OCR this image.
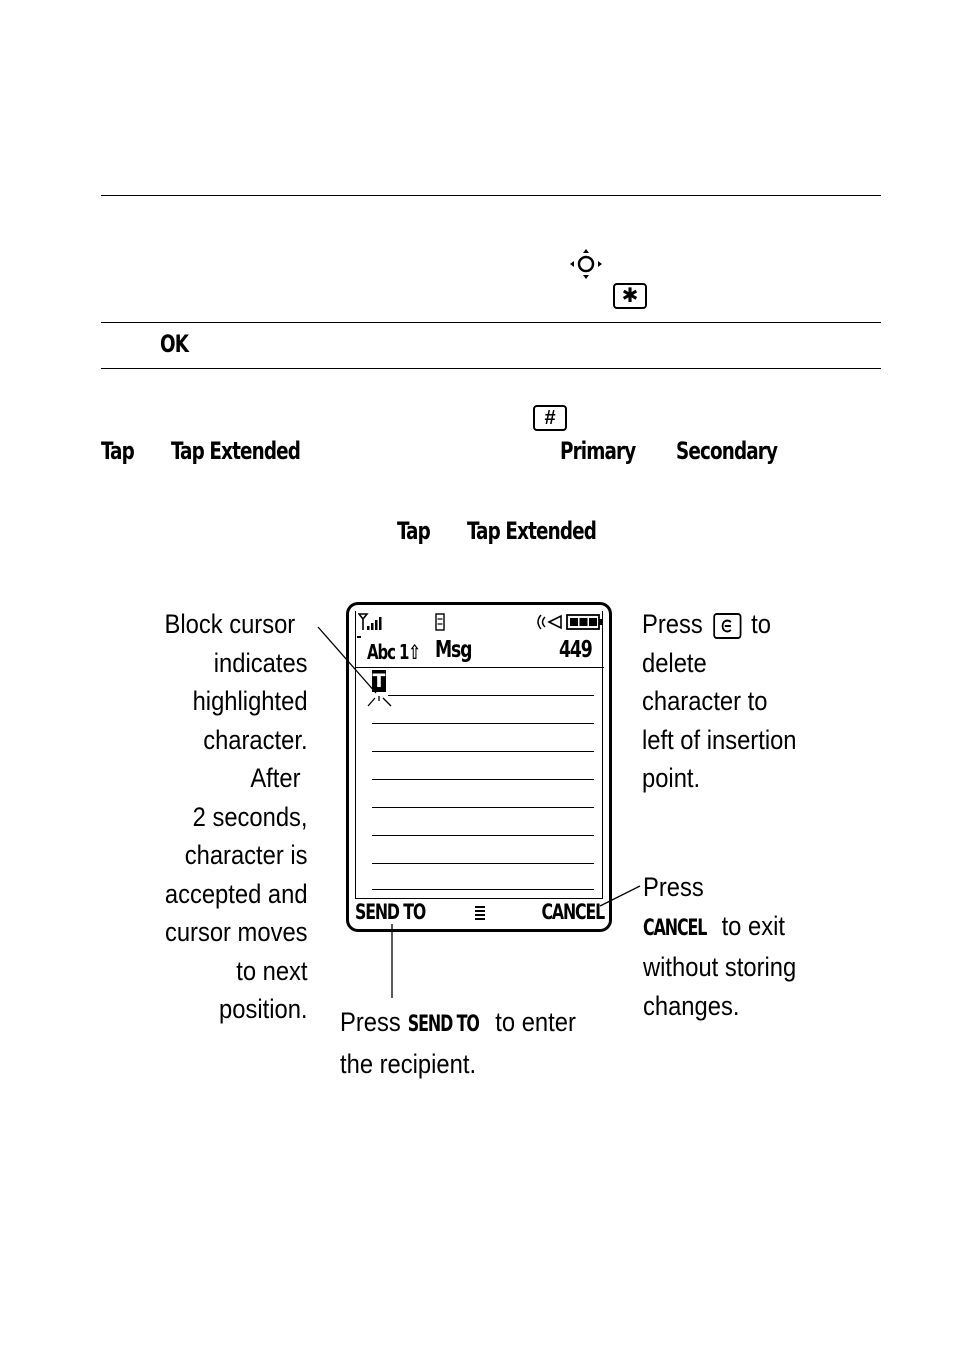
✱
OK
#
Tap Tap Extended	Primary Secondary
Tap Tap Extended
Abc 1⇧ Msg	449
T
SEND TO	CANCEL
Block cursor
indicates
highlighted
character.
After
2 seconds,
character is
accepted and
cursor moves
to next
position.
Press to
delete
character to
left of insertion
point.
Press
CANCEL to exit
without storing
changes.
Press SEND TO to enter
the recipient.
